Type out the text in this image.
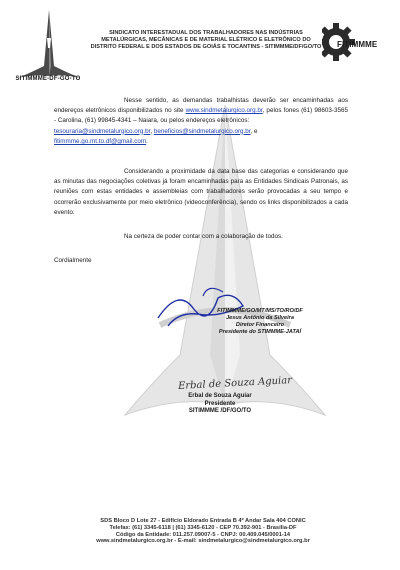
SITIMMME-DF-GO-TO
SINDICATO INTERESTADUAL DOS TRABALHADORES NAS INDÚSTRIAS
METALÚRGICAS, MECÂNICAS E DE MATERIAL ELÉTRICO E ELETRÔNICO DO
DISTRITO FEDERAL E DOS ESTADOS DE GOIÁS E TOCANTINS - SITIMMME/DF/GO/TO	FITIMMME

Nesse sentido, as demandas trabalhistas deverão ser encaminhadas aos endereços eletrônicos disponibilizados no site www.sindmetalurgico.org.br, pelos fones (61) 98603-3565 - Carolina, (61) 99845-4341 – Naiara, ou pelos endereços eletrônicos:

tesouraria@sindmetalurgico.org.br, beneficios@sindmetalurgico.org.br, e

fitimmme.go.mt.to.df@gmail.com.

Considerando a proximidade da data base das categorias e considerando que as minutas das negociações coletivas já foram encaminhadas para as Entidades Sindicais Patronais, as reuniões com estas entidades e assembleias com trabalhadores serão provocadas a seu tempo e ocorrerão exclusivamente por meio eletrônico (videoconferência), sendo os links disponibilizados a cada evento.

Na certeza de poder contar com a colaboração de todos.

Cordialmente

FITIMMME/GO/MT/MS/TO/RO/DF
Jesus Antônio da Silveira
Diretor Financeiro
Presidente do STIMMME-JATAÍ
Erbal de Souza Aguiar
Erbal de Souza Aguiar
Presidente
SITIMMME /DF/GO/TO
SDS Bloco D Lote 27 - Edifício Eldorado Entrada B 4º Andar Sala 404 CONIC
Telefax: (61) 3345-6118 | (61) 3345-6120 - CEP 70.392-901 - Brasília-DF
Código da Entidade: 011.257.09007-5 - CNPJ: 00.409.045/0001-14
www.sindmetalurgico.org.br - E-mail: sindmetalurgico@sindmetalurgico.org.br
